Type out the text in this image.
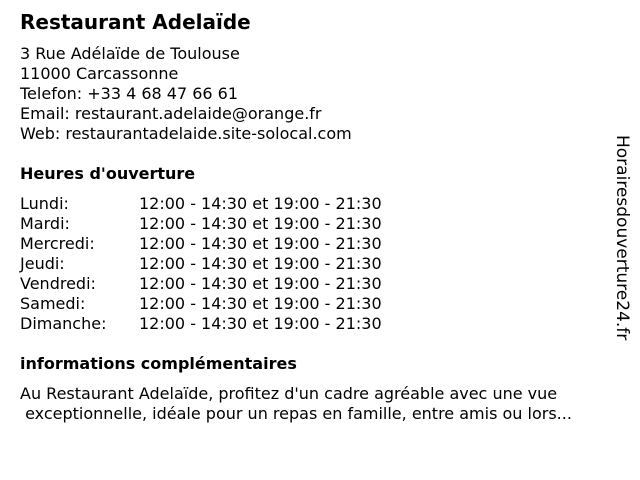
Restaurant Adelaïde
3 Rue Adélaïde de Toulouse
11000 Carcassonne
Telefon: +33 4 68 47 66 61
Email: restaurant.adelaide@orange.fr
Web: restaurantadelaide.site-solocal.com
Heures d'ouverture
Lundi:	12:00 - 14:30 et 19:00 - 21:30
Mardi:	12:00 - 14:30 et 19:00 - 21:30
Mercredi:	12:00 - 14:30 et 19:00 - 21:30
Jeudi:	12:00 - 14:30 et 19:00 - 21:30
Vendredi:	12:00 - 14:30 et 19:00 - 21:30
Samedi:	12:00 - 14:30 et 19:00 - 21:30
Dimanche: 12:00 - 14:30 et 19:00 - 21:30
informations complémentaires
Au Restaurant Adelaïde, profitez d'un cadre agréable avec une vue
exceptionnelle, idéale pour un repas en famille, entre amis ou lors...
Horairesdouverture24.fr
